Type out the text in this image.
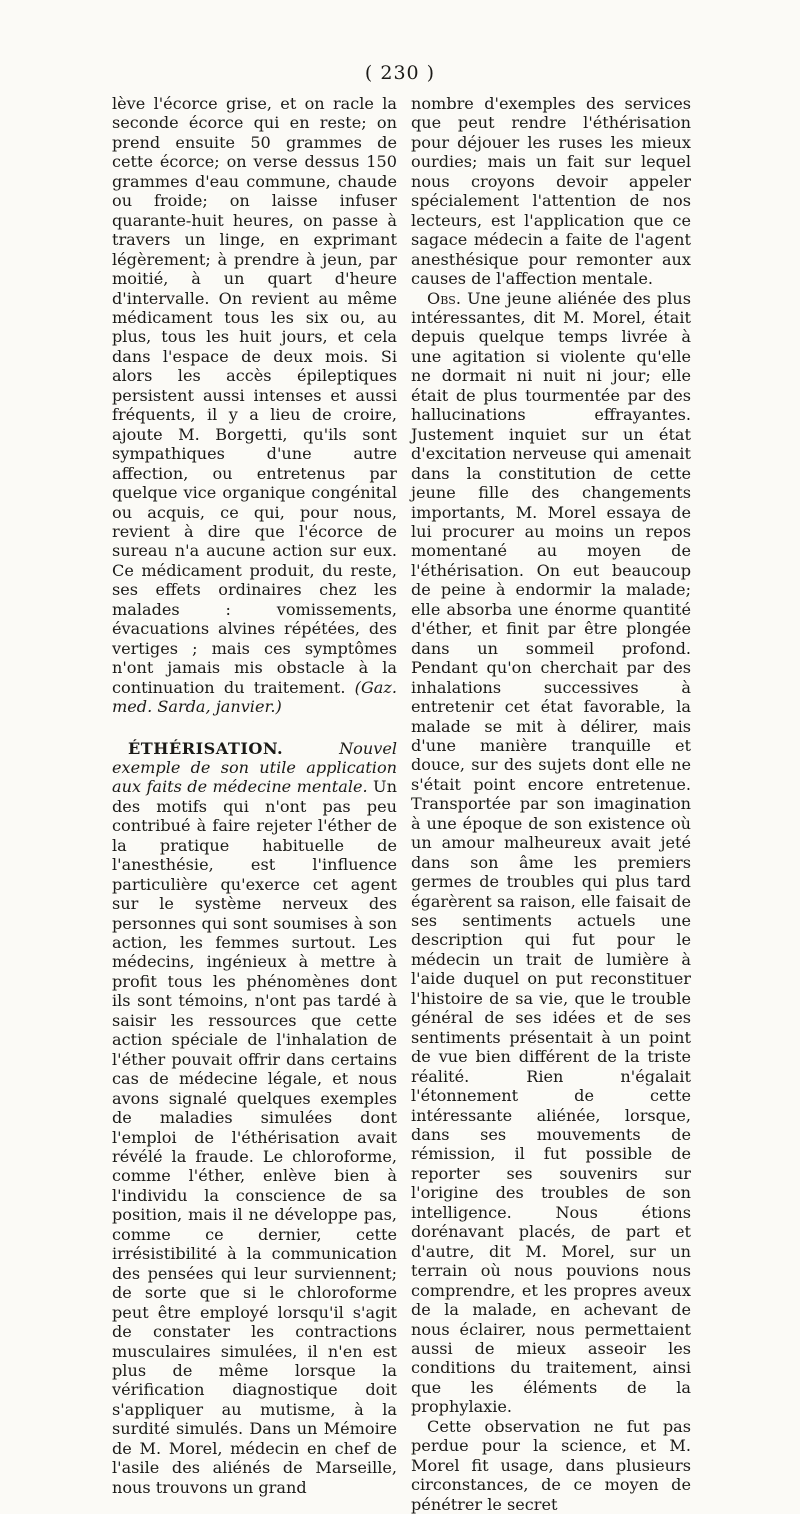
( 230 )

lève l'écorce grise, et on racle la seconde écorce qui en reste; on prend ensuite 50 grammes de cette écorce; on verse dessus 150 grammes d'eau commune, chaude ou froide; on laisse infuser quarante-huit heures, on passe à travers un linge, en exprimant légèrement; à prendre à jeun, par moitié, à un quart d'heure d'intervalle. On revient au même médicament tous les six ou, au plus, tous les huit jours, et cela dans l'espace de deux mois. Si alors les accès épileptiques persistent aussi intenses et aussi fréquents, il y a lieu de croire, ajoute M. Borgetti, qu'ils sont sympathiques d'une autre affection, ou entretenus par quelque vice organique congénital ou acquis, ce qui, pour nous, revient à dire que l'écorce de sureau n'a aucune action sur eux. Ce médicament produit, du reste, ses effets ordinaires chez les malades : vomissements, évacuations alvines répétées, des vertiges ; mais ces symptômes n'ont jamais mis obstacle à la continuation du traitement. (Gaz. med. Sarda, janvier.)

ÉTHÉRISATION.	Nouvel exemple de son utile application aux faits de médecine mentale. Un des motifs qui n'ont pas peu contribué à faire rejeter l'éther de la pratique habituelle de l'anesthésie, est l'influence particulière qu'exerce cet agent sur le système nerveux des personnes qui sont soumises à son action, les femmes surtout. Les médecins, ingénieux à mettre à profit tous les phénomènes dont ils sont témoins, n'ont pas tardé à saisir les ressources que cette action spéciale de l'inhalation de l'éther pouvait offrir dans certains cas de médecine légale, et nous avons signalé quelques exemples de maladies simulées dont l'emploi de l'éthérisation avait révélé la fraude. Le chloroforme, comme l'éther, enlève bien à l'individu la conscience de sa position, mais il ne développe pas, comme ce dernier, cette irrésistibilité à la communication des pensées qui leur surviennent; de sorte que si le chloroforme peut être employé lorsqu'il s'agit de constater les contractions musculaires simulées, il n'en est plus de même lorsque la vérification diagnostique doit s'appliquer au mutisme, à la surdité simulés. Dans un Mémoire de M. Morel, médecin en chef de l'asile des aliénés de Marseille, nous trouvons un grand

nombre d'exemples des services que peut rendre l'éthérisation pour déjouer les ruses les mieux ourdies; mais un fait sur lequel nous croyons devoir appeler spécialement l'attention de nos lecteurs, est l'application que ce sagace médecin a faite de l'agent anesthésique pour remonter aux causes de l'affection mentale.

Obs. Une jeune aliénée des plus intéressantes, dit M. Morel, était depuis quelque temps livrée à une agitation si violente qu'elle ne dormait ni nuit ni jour; elle était de plus tourmentée par des hallucinations effrayantes. Justement inquiet sur un état d'excitation nerveuse qui amenait dans la constitution de cette jeune fille des changements importants, M. Morel essaya de lui procurer au moins un repos momentané au moyen de l'éthérisation. On eut beaucoup de peine à endormir la malade; elle absorba une énorme quantité d'éther, et finit par être plongée dans un sommeil profond. Pendant qu'on cherchait par des inhalations successives à entretenir cet état favorable, la malade se mit à délirer, mais d'une manière tranquille et douce, sur des sujets dont elle ne s'était point encore entretenue. Transportée par son imagination à une époque de son existence où un amour malheureux avait jeté dans son âme les premiers germes de troubles qui plus tard égarèrent sa raison, elle faisait de ses sentiments actuels une description qui fut pour le médecin un trait de lumière à l'aide duquel on put reconstituer l'histoire de sa vie, que le trouble général de ses idées et de ses sentiments présentait à un point de vue bien différent de la triste réalité. Rien n'égalait l'étonnement de cette intéressante aliénée, lorsque, dans ses mouvements de rémission, il fut possible de reporter ses souvenirs sur l'origine des troubles de son intelligence. Nous étions dorénavant placés, de part et d'autre, dit M. Morel, sur un terrain où nous pouvions nous comprendre, et les propres aveux de la malade, en achevant de nous éclairer, nous permettaient aussi de mieux asseoir les conditions du traitement, ainsi que les éléments de la prophylaxie.

Cette observation ne fut pas perdue pour la science, et M. Morel fit usage, dans plusieurs circonstances, de ce moyen de pénétrer le secret
